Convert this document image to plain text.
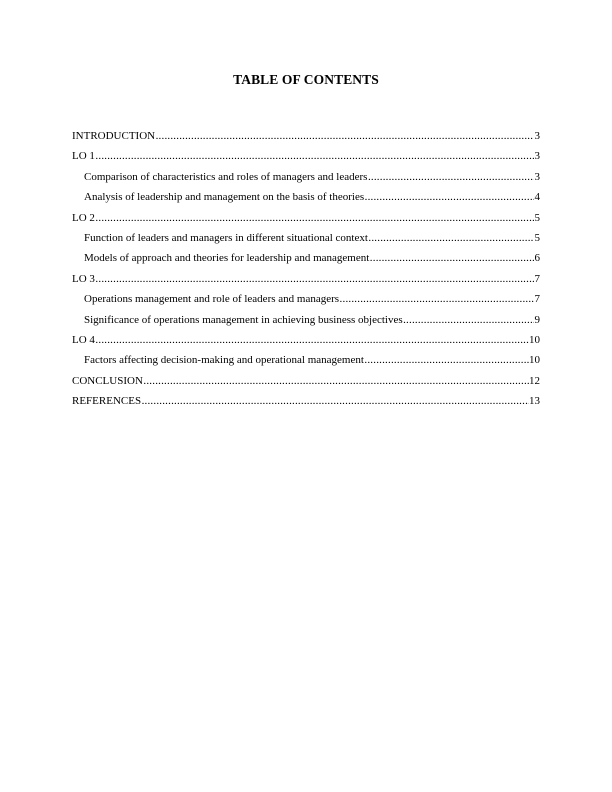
TABLE OF CONTENTS
INTRODUCTION .....	3
LO 1 .....	3
Comparison of characteristics and roles of managers and leaders .....	3
Analysis of leadership and management on the basis of theories .....	4
LO 2 .....	5
Function of leaders and managers in different situational context .....	5
Models of approach and theories for leadership and management .....	6
LO 3 .....	7
Operations management and role of leaders and managers .....	7
Significance of operations management in achieving business objectives .....	9
LO 4 .....	10
Factors affecting decision-making and operational management .....	10
CONCLUSION .....	12
REFERENCES .....	13
